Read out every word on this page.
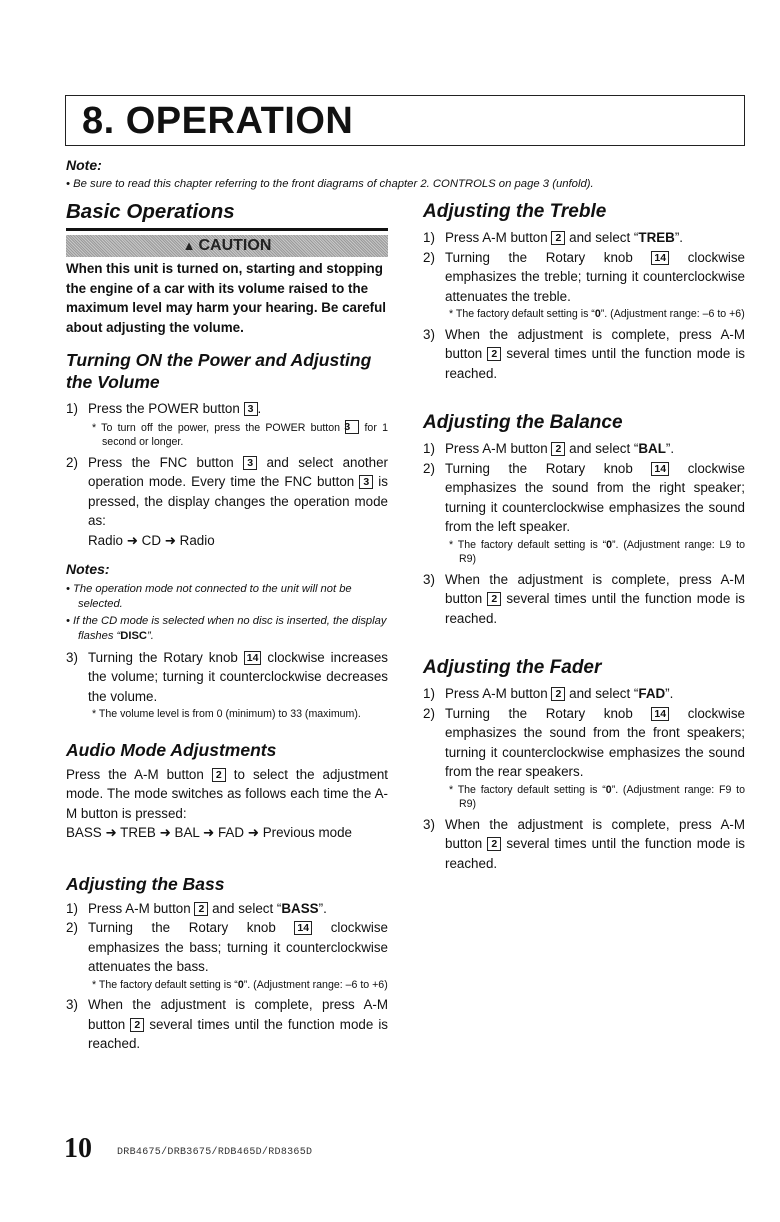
8. OPERATION
Note:
• Be sure to read this chapter referring to the front diagrams of chapter 2. CONTROLS on page 3 (unfold).
Basic Operations
▲ CAUTION
When this unit is turned on, starting and stopping the engine of a car with its volume raised to the maximum level may harm your hearing. Be careful about adjusting the volume.
Turning ON the Power and Adjusting the Volume

1) Press the POWER button 3 .

* To turn off the power, press the POWER button 3 for 1 second or longer.

2) Press the FNC button 3 and select another operation mode. Every time the FNC button 3 is pressed, the display changes the operation mode as:
Radio ➜ CD ➜ Radio

Notes:
• The operation mode not connected to the unit will not be selected.
• If the CD mode is selected when no disc is inserted, the display flashes “DISC”.

3) Turning the Rotary knob 14 clockwise increases the volume; turning it counterclockwise decreases the volume.

* The volume level is from 0 (minimum) to 33 (maximum).

Audio Mode Adjustments

Press the A-M button 2 to select the adjustment mode. The mode switches as follows each time the A-M button is pressed:
BASS ➜ TREB ➜ BAL ➜ FAD ➜ Previous mode

Adjusting the Bass

1) Press A-M button 2 and select “BASS”.

2) Turning the Rotary knob 14 clockwise emphasizes the bass; turning it counterclockwise attenuates the bass.

* The factory default setting is “0”. (Adjustment range: –6 to +6)

3) When the adjustment is complete, press A-M button 2 several times until the function mode is reached.

Adjusting the Treble

1) Press A-M button 2 and select “TREB”.

2) Turning the Rotary knob 14 clockwise emphasizes the treble; turning it counterclockwise attenuates the treble.

* The factory default setting is “0”. (Adjustment range: –6 to +6)

3) When the adjustment is complete, press A-M button 2 several times until the function mode is reached.

Adjusting the Balance

1) Press A-M button 2 and select “BAL”.

2) Turning the Rotary knob 14 clockwise emphasizes the sound from the right speaker; turning it counterclockwise emphasizes the sound from the left speaker.

* The factory default setting is “0”. (Adjustment range: L9 to R9)

3) When the adjustment is complete, press A-M button 2 several times until the function mode is reached.

Adjusting the Fader

1) Press A-M button 2 and select “FAD”.

2) Turning the Rotary knob 14 clockwise emphasizes the sound from the front speakers; turning it counterclockwise emphasizes the sound from the rear speakers.

* The factory default setting is “0”. (Adjustment range: F9 to R9)

3) When the adjustment is complete, press A-M button 2 several times until the function mode is reached.

10	DRB4675/DRB3675/RDB465D/RD8365D
